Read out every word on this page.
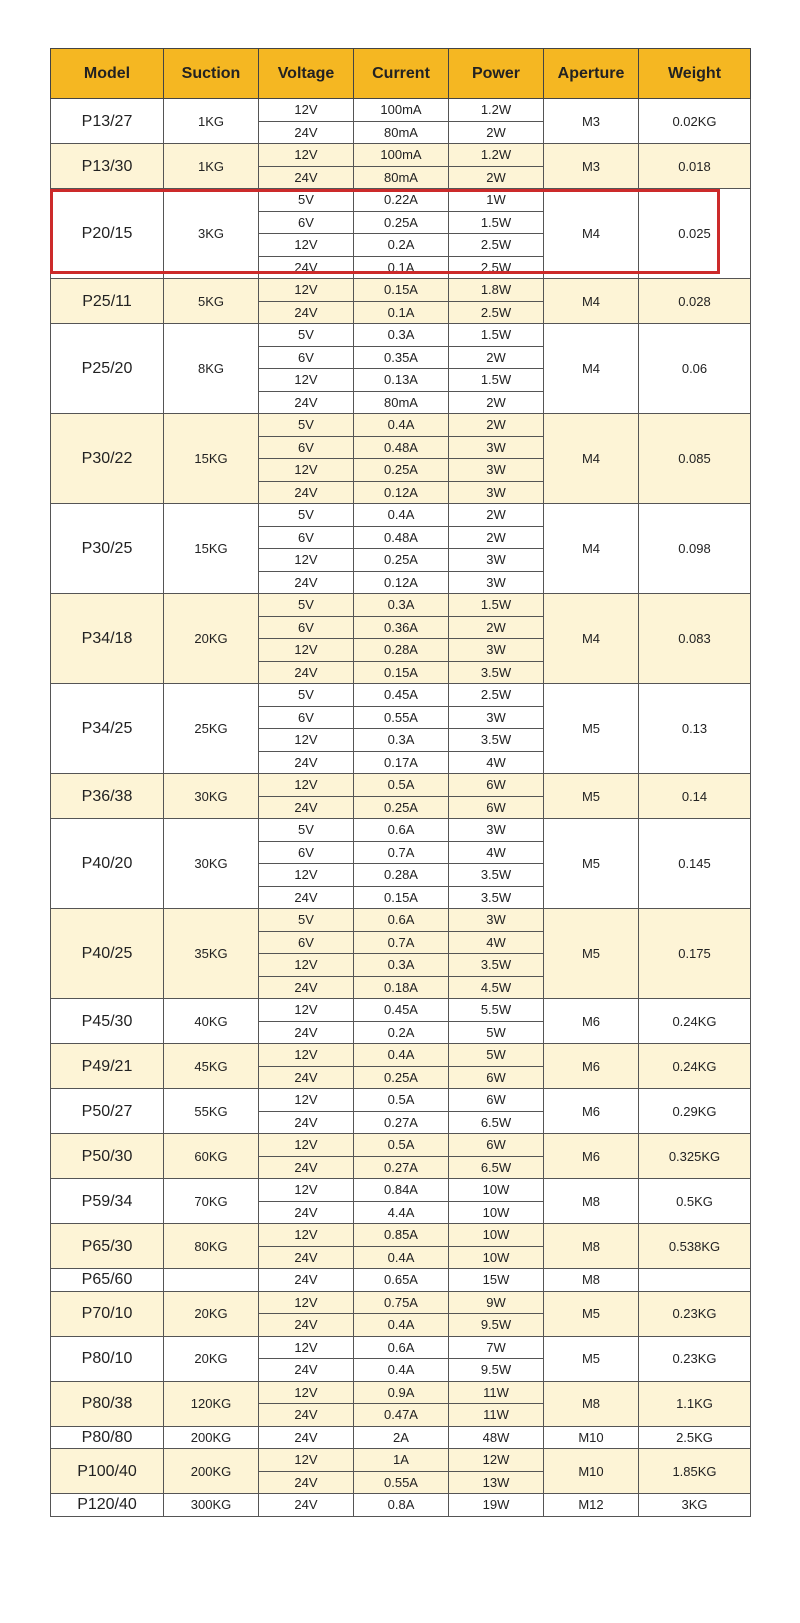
Model	Suction	Voltage	Current	Power	Aperture	Weight
P13/27	1KG	12V	100mA	1.2W	M3	0.02KG
		24V	80mA	2W		
P13/30	1KG	12V	100mA	1.2W	M3	0.018
		24V	80mA	2W		
P20/15	3KG	5V	0.22A	1W	M4	0.025
		6V	0.25A	1.5W		
		12V	0.2A	2.5W		
		24V	0.1A	2.5W		
P25/11	5KG	12V	0.15A	1.8W	M4	0.028
		24V	0.1A	2.5W		
P25/20	8KG	5V	0.3A	1.5W	M4	0.06
		6V	0.35A	2W		
		12V	0.13A	1.5W		
		24V	80mA	2W		
P30/22	15KG	5V	0.4A	2W	M4	0.085
		6V	0.48A	3W		
		12V	0.25A	3W		
		24V	0.12A	3W		
P30/25	15KG	5V	0.4A	2W	M4	0.098
		6V	0.48A	2W		
		12V	0.25A	3W		
		24V	0.12A	3W		
P34/18	20KG	5V	0.3A	1.5W	M4	0.083
		6V	0.36A	2W		
		12V	0.28A	3W		
		24V	0.15A	3.5W		
P34/25	25KG	5V	0.45A	2.5W	M5	0.13
		6V	0.55A	3W		
		12V	0.3A	3.5W		
		24V	0.17A	4W		
P36/38	30KG	12V	0.5A	6W	M5	0.14
		24V	0.25A	6W		
P40/20	30KG	5V	0.6A	3W	M5	0.145
		6V	0.7A	4W		
		12V	0.28A	3.5W		
		24V	0.15A	3.5W		
P40/25	35KG	5V	0.6A	3W	M5	0.175
		6V	0.7A	4W		
		12V	0.3A	3.5W		
		24V	0.18A	4.5W		
P45/30	40KG	12V	0.45A	5.5W	M6	0.24KG
		24V	0.2A	5W		
P49/21	45KG	12V	0.4A	5W	M6	0.24KG
		24V	0.25A	6W		
P50/27	55KG	12V	0.5A	6W	M6	0.29KG
		24V	0.27A	6.5W		
P50/30	60KG	12V	0.5A	6W	M6	0.325KG
		24V	0.27A	6.5W		
P59/34	70KG	12V	0.84A	10W	M8	0.5KG
		24V	4.4A	10W		
P65/30	80KG	12V	0.85A	10W	M8	0.538KG
		24V	0.4A	10W		
P65/60		24V	0.65A	15W	M8	
P70/10	20KG	12V	0.75A	9W	M5	0.23KG
		24V	0.4A	9.5W		
P80/10	20KG	12V	0.6A	7W	M5	0.23KG
		24V	0.4A	9.5W		
P80/38	120KG	12V	0.9A	11W	M8	1.1KG
		24V	0.47A	11W		
P80/80	200KG	24V	2A	48W	M10	2.5KG
P100/40	200KG	12V	1A	12W	M10	1.85KG
		24V	0.55A	13W		
P120/40	300KG	24V	0.8A	19W	M12	3KG
